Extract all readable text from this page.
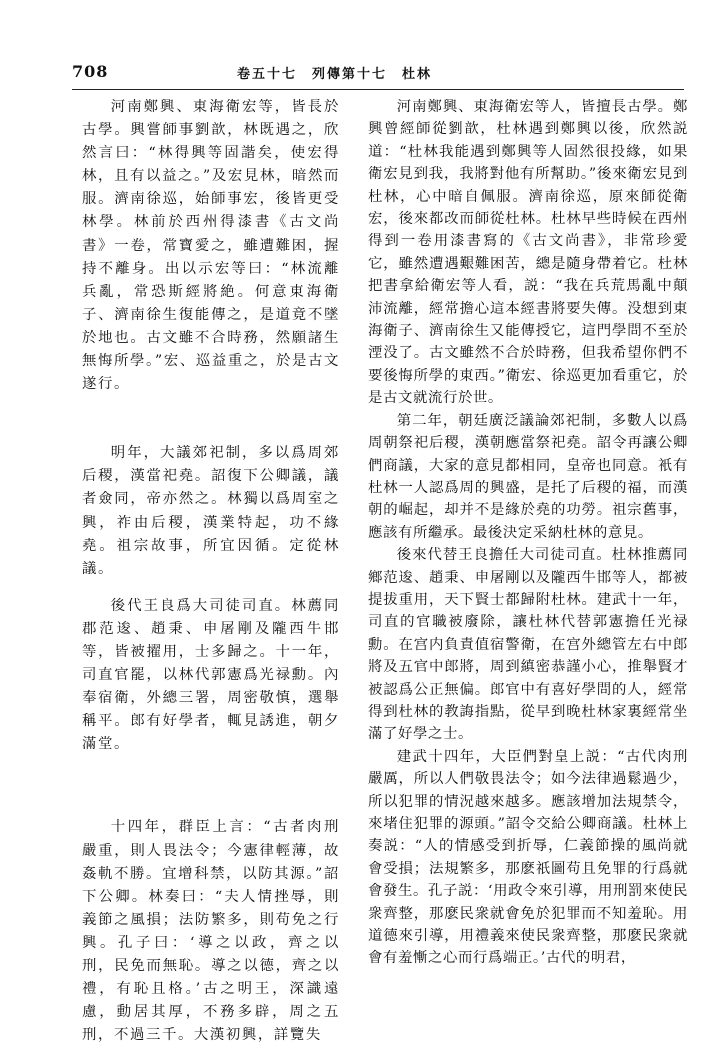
708	卷五十七　列傳第十七　杜林

河南鄭興、東海衛宏等，皆長於古學。興嘗師事劉歆，林既遇之，欣然言曰：“林得興等固諧矣，使宏得林，且有以益之。”及宏見林，暗然而服。濟南徐巡，始師事宏，後皆更受林學。林前於西州得漆書《古文尚書》一卷，常寶愛之，雖遭難困，握持不離身。出以示宏等曰：“林流離兵亂，常恐斯經將絶。何意東海衛子、濟南徐生復能傳之，是道竟不墜於地也。古文雖不合時務，然願諸生無悔所學。”宏、巡益重之，於是古文遂行。

明年，大議郊祀制，多以爲周郊后稷，漢當祀堯。詔復下公卿議，議者僉同，帝亦然之。林獨以爲周室之興，祚由后稷，漢業特起，功不緣堯。祖宗故事，所宜因循。定從林議。

後代王良爲大司徒司直。林薦同郡范逡、趙秉、申屠剛及隴西牛邯等，皆被擢用，士多歸之。十一年，司直官罷，以林代郭憲爲光禄勳。內奉宿衛，外總三署，周密敬慎，選舉稱平。郎有好學者，輒見誘進，朝夕滿堂。

十四年，群臣上言：“古者肉刑嚴重，則人畏法令；今憲律輕薄，故姦軌不勝。宜增科禁，以防其源。”詔下公卿。林奏曰：“夫人情挫辱，則義節之風損；法防繁多，則苟免之行興。孔子曰：‘導之以政，齊之以刑，民免而無恥。導之以德，齊之以禮，有恥且格。’古之明王，深識遠慮，動居其厚，不務多辟，周之五刑，不過三千。大漢初興，詳覽失

河南鄭興、東海衛宏等人，皆擅長古學。鄭興曾經師從劉歆，杜林遇到鄭興以後，欣然説道：“杜林我能遇到鄭興等人固然很投緣，如果衛宏見到我，我將對他有所幫助。”後來衛宏見到杜林，心中暗自佩服。濟南徐巡，原來師從衛宏，後來都改而師從杜林。杜林早些時候在西州得到一卷用漆書寫的《古文尚書》，非常珍愛它，雖然遭遇艱難困苦，總是隨身帶着它。杜林把書拿給衛宏等人看，説：“我在兵荒馬亂中顛沛流離，經常擔心這本經書將要失傳。没想到東海衛子、濟南徐生又能傳授它，這門學問不至於湮没了。古文雖然不合於時務，但我希望你們不要後悔所學的東西。”衛宏、徐巡更加看重它，於是古文就流行於世。

第二年，朝廷廣泛議論郊祀制，多數人以爲周朝祭祀后稷，漢朝應當祭祀堯。詔令再讓公卿們商議，大家的意見都相同，皇帝也同意。衹有杜林一人認爲周的興盛，是托了后稷的福，而漢朝的崛起，却并不是緣於堯的功勞。祖宗舊事，應該有所繼承。最後決定采納杜林的意見。

後來代替王良擔任大司徒司直。杜林推薦同鄉范逡、趙秉、申屠剛以及隴西牛邯等人，都被提拔重用，天下賢士都歸附杜林。建武十一年，司直的官職被廢除，讓杜林代替郭憲擔任光禄勳。在宫内負責值宿警衛，在宫外總管左右中郎將及五官中郎將，周到縝密恭謹小心，推舉賢才被認爲公正無偏。郎官中有喜好學問的人，經常得到杜林的教誨指點，從早到晚杜林家裏經常坐滿了好學之士。

建武十四年，大臣們對皇上説：“古代肉刑嚴厲，所以人們敬畏法令；如今法律過鬆過少，所以犯罪的情況越來越多。應該增加法規禁令，來堵住犯罪的源頭。”詔令交給公卿商議。杜林上奏説：“人的情感受到折辱，仁義節操的風尚就會受損；法規繁多，那麽祇圖苟且免罪的行爲就會發生。孔子説：‘用政令來引導，用刑罰來使民衆齊整，那麽民衆就會免於犯罪而不知羞恥。用道德來引導，用禮義來使民衆齊整，那麽民衆就會有羞慚之心而行爲端正。’古代的明君，
